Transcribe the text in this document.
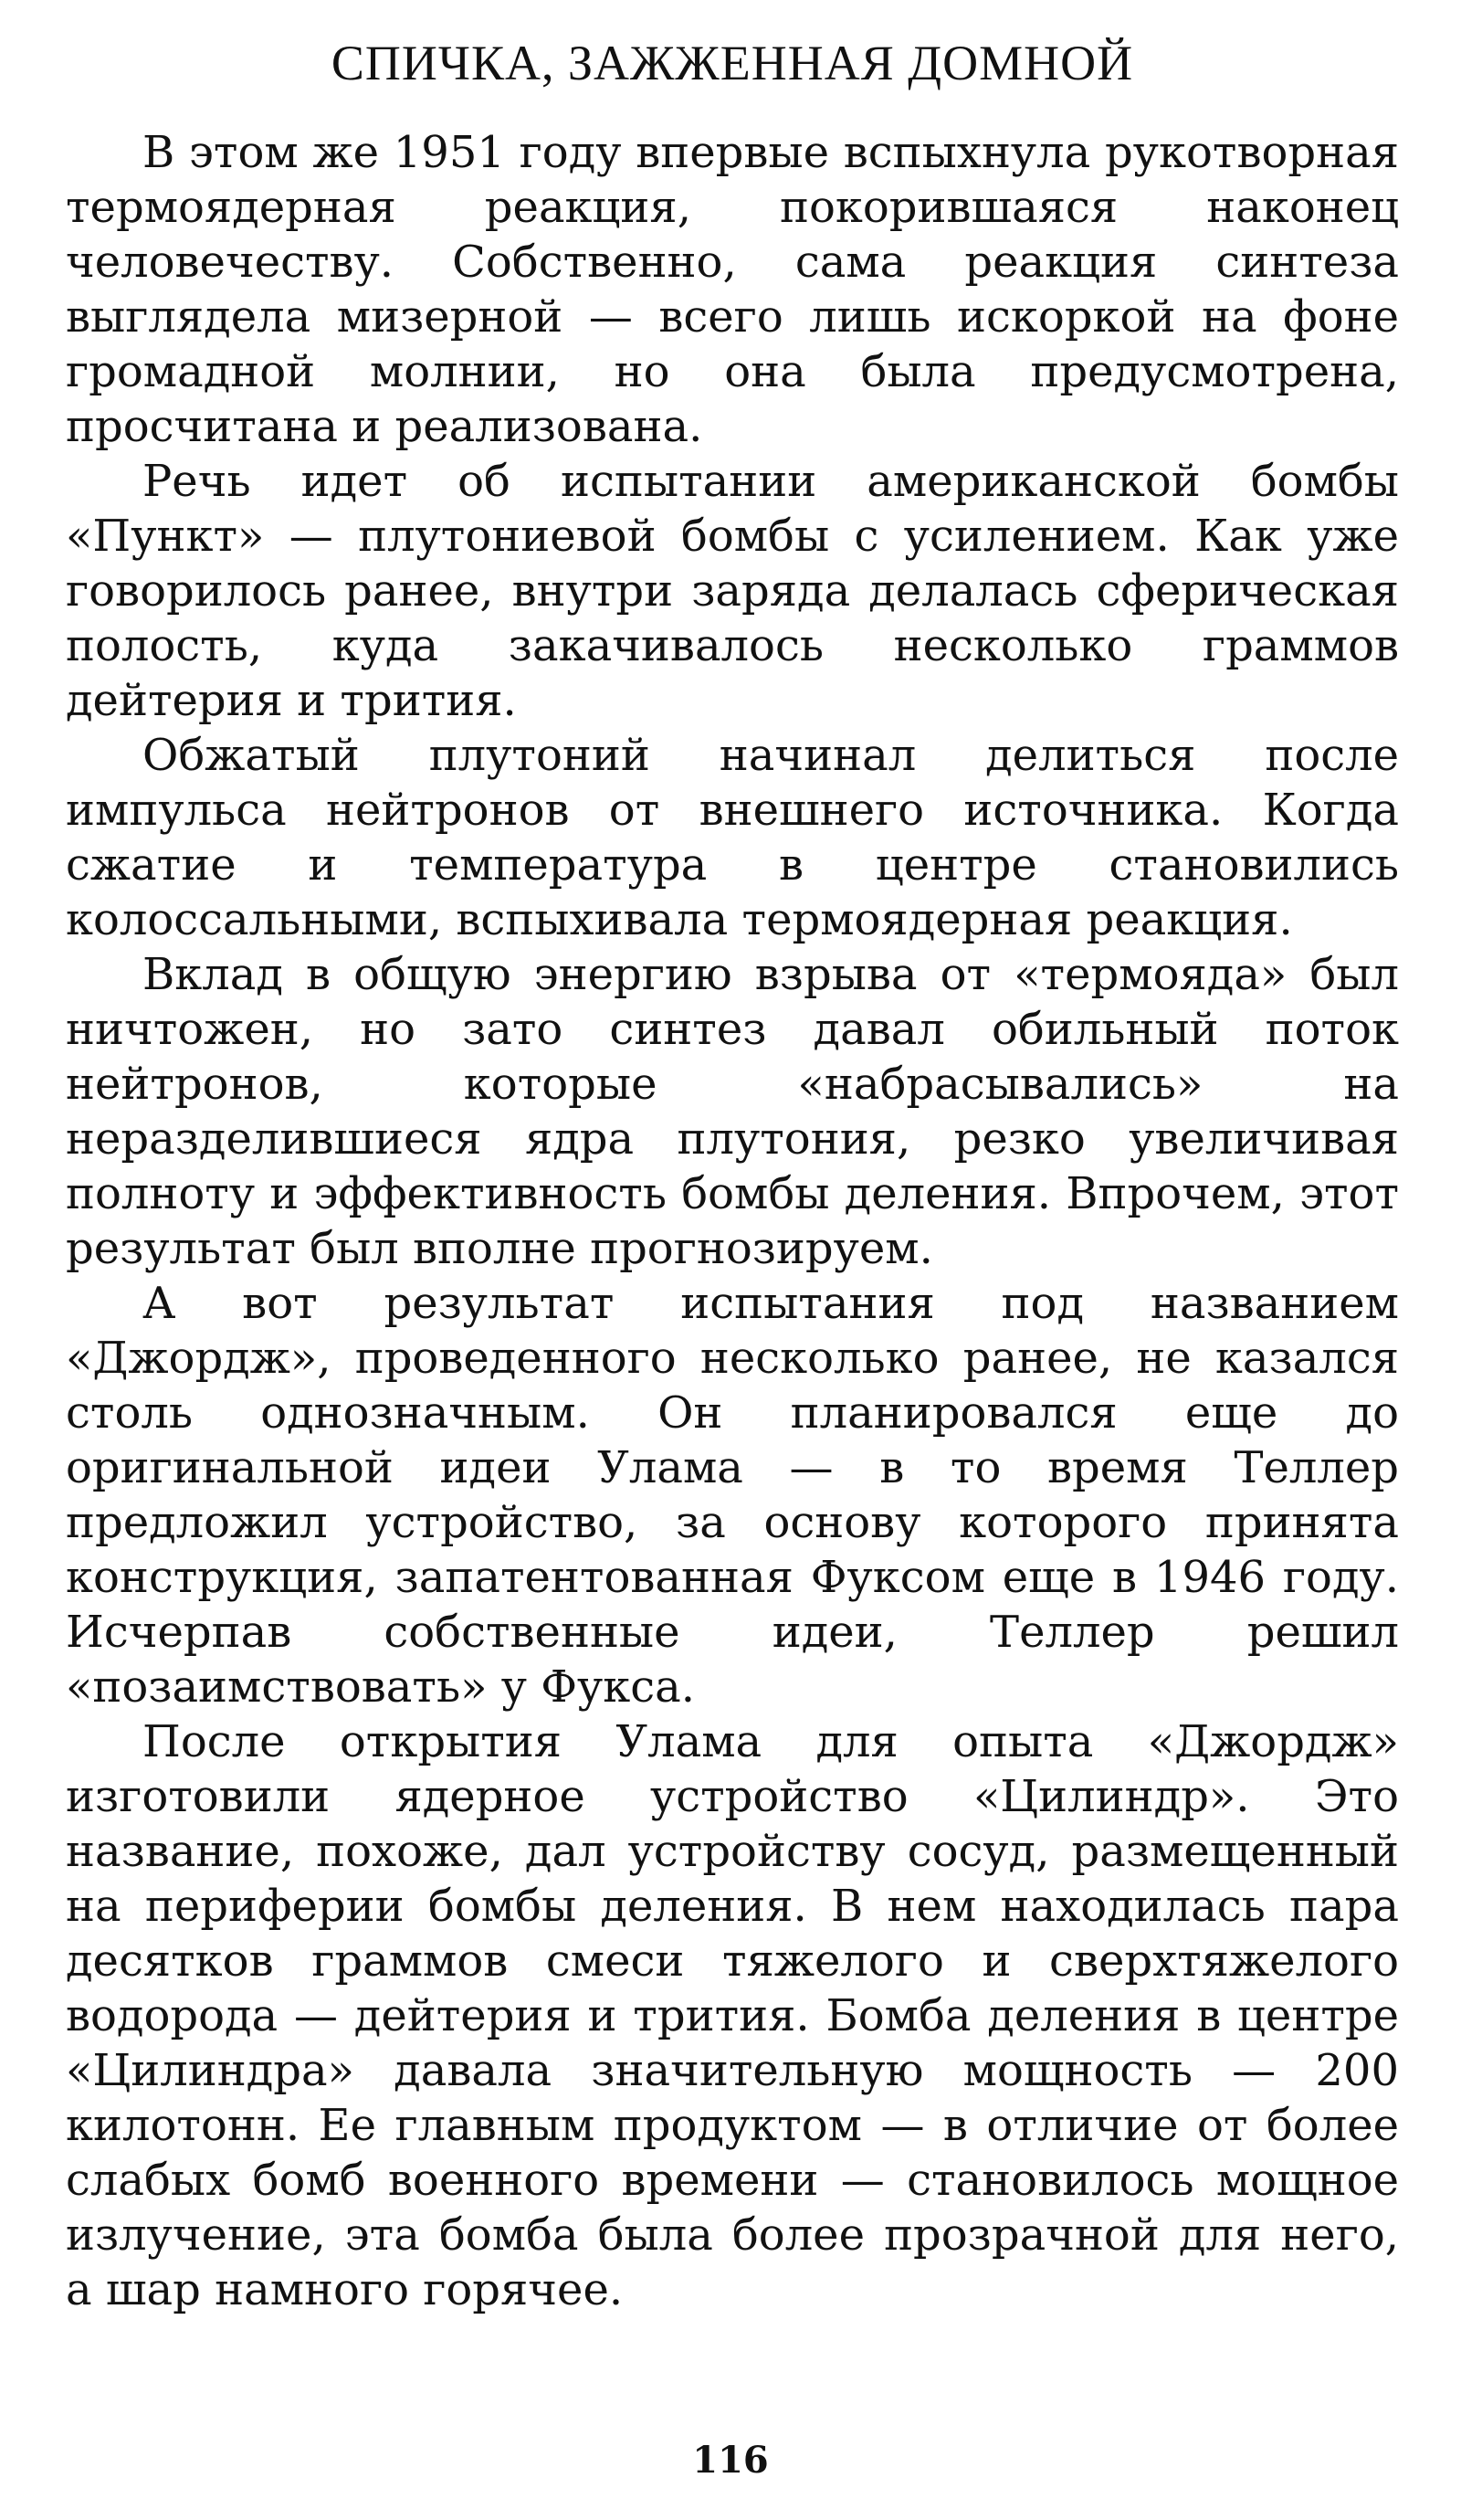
СПИЧКА, ЗАЖЖЕННАЯ ДОМНОЙ

В этом же 1951 году впервые вспыхнула рукотворная термоядерная реакция, покорившаяся наконец человечеству. Собственно, сама реакция синтеза выглядела мизерной — всего лишь искоркой на фоне громадной молнии, но она была предусмотрена, просчитана и реализована.

Речь идет об испытании американской бомбы «Пункт» — плутониевой бомбы с усилением. Как уже говорилось ранее, внутри заряда делалась сферическая полость, куда закачивалось несколько граммов дейтерия и трития.

Обжатый плутоний начинал делиться после импульса нейтронов от внешнего источника. Когда сжатие и температура в центре становились колоссальными, вспыхивала термоядерная реакция.

Вклад в общую энергию взрыва от «термояда» был ничтожен, но зато синтез давал обильный поток нейтронов, которые «набрасывались» на неразделившиеся ядра плутония, резко увеличивая полноту и эффективность бомбы деления. Впрочем, этот результат был вполне прогнозируем.

А вот результат испытания под названием «Джордж», проведенного несколько ранее, не казался столь однозначным. Он планировался еще до оригинальной идеи Улама — в то время Теллер предложил устройство, за основу которого принята конструкция, запатентованная Фуксом еще в 1946 году. Исчерпав собственные идеи, Теллер решил «позаимствовать» у Фукса.

После открытия Улама для опыта «Джордж» изготовили ядерное устройство «Цилиндр». Это название, похоже, дал устройству сосуд, размещенный на периферии бомбы деления. В нем находилась пара десятков граммов смеси тяжелого и сверхтяжелого водорода — дейтерия и трития. Бомба деления в центре «Цилиндра» давала значительную мощность — 200 килотонн. Ее главным продуктом — в отличие от более слабых бомб военного времени — становилось мощное излучение, эта бомба была более прозрачной для него, а шар намного горячее.

116
